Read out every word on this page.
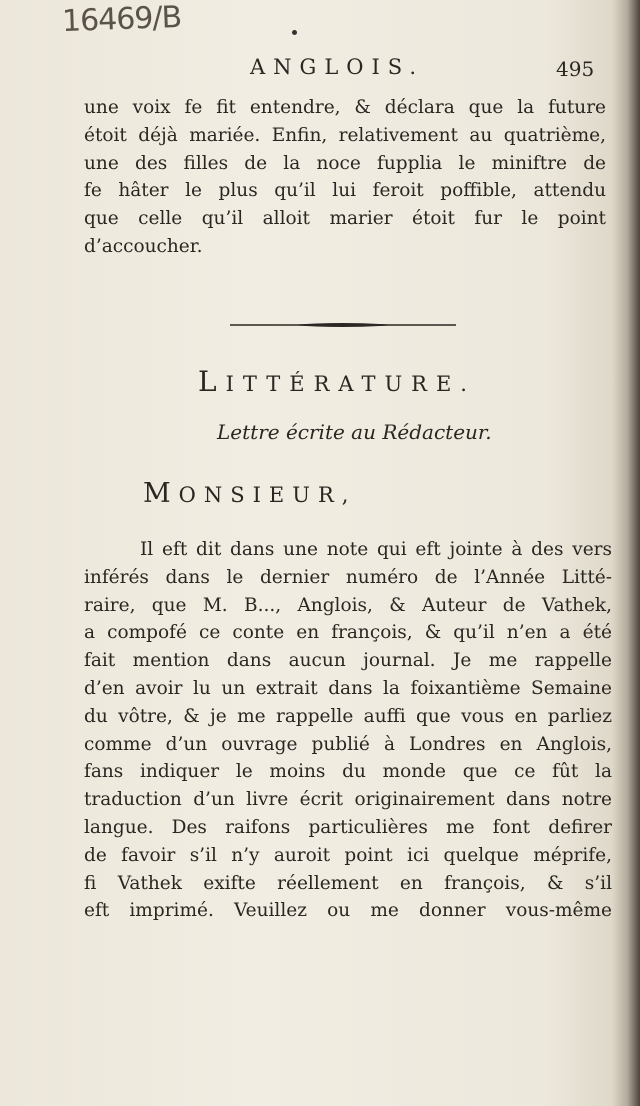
16469/B
ANGLOIS.	495
une voix fe fit entendre, & déclara que la future
étoit déjà mariée. Enfin, relativement au quatrième,
une des filles de la noce fupplia le miniftre de
fe hâter le plus qu’il lui feroit poffible, attendu
que celle qu’il alloit marier étoit fur le point
d’accoucher.
LITTÉRATURE.
Lettre écrite au Rédacteur.
MONSIEUR,
Il eft dit dans une note qui eft jointe à des vers
inférés dans le dernier numéro de l’Année Litté-
raire, que M. B..., Anglois, & Auteur de Vathek,
a compofé ce conte en françois, & qu’il n’en a été
fait mention dans aucun journal. Je me rappelle
d’en avoir lu un extrait dans la foixantième Semaine
du vôtre, & je me rappelle auffi que vous en parliez
comme d’un ouvrage publié à Londres en Anglois,
fans indiquer le moins du monde que ce fût la
traduction d’un livre écrit originairement dans notre
langue. Des raifons particulières me font defirer
de favoir s’il n’y auroit point ici quelque méprife,
fi Vathek exifte réellement en françois, & s’il
eft imprimé. Veuillez ou me donner vous-même
